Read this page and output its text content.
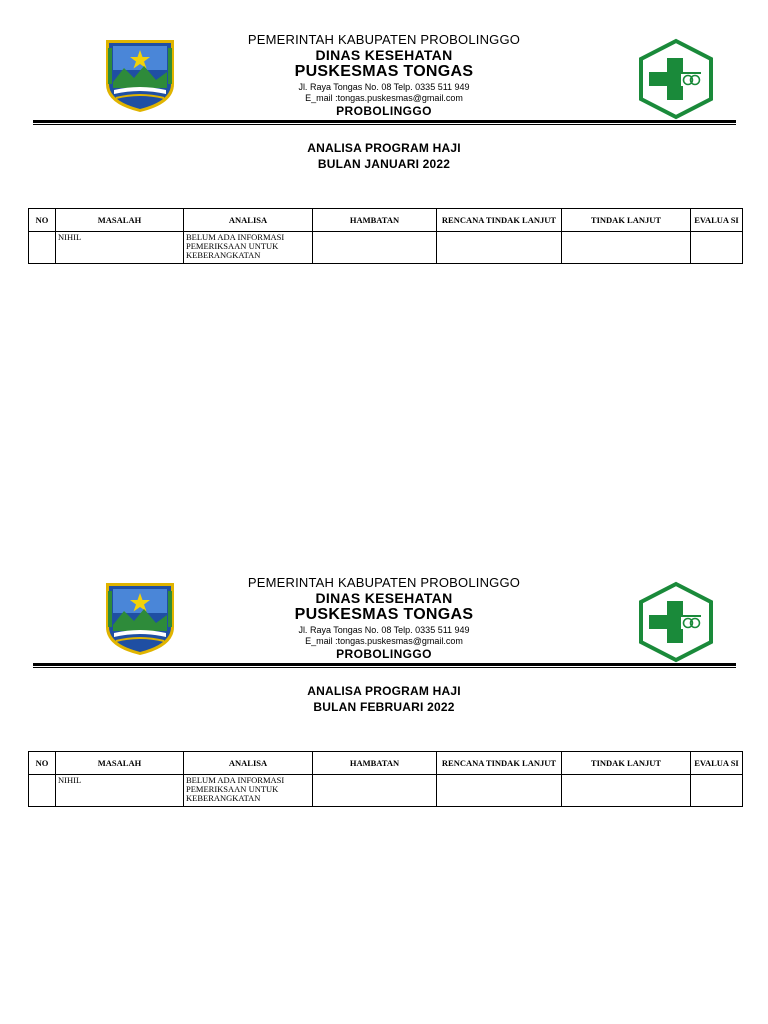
PEMERINTAH KABUPATEN PROBOLINGGO
DINAS KESEHATAN
PUSKESMAS TONGAS
Jl. Raya Tongas No. 08 Telp. 0335 511 949
E_mail :tongas.puskesmas@gmail.com
PROBOLINGGO
ANALISA PROGRAM HAJI
BULAN JANUARI 2022
NO	MASALAH	ANALISA	HAMBATAN	RENCANA TINDAK LANJUT	TINDAK LANJUT	EVALUA SI
	NIHIL	BELUM ADA INFORMASI PEMERIKSAAN UNTUK KEBERANGKATAN				
PEMERINTAH KABUPATEN PROBOLINGGO
DINAS KESEHATAN
PUSKESMAS TONGAS
Jl. Raya Tongas No. 08 Telp. 0335 511 949
E_mail :tongas.puskesmas@gmail.com
PROBOLINGGO
ANALISA PROGRAM HAJI
BULAN FEBRUARI 2022
NO	MASALAH	ANALISA	HAMBATAN	RENCANA TINDAK LANJUT	TINDAK LANJUT	EVALUA SI
	NIHIL	BELUM ADA INFORMASI PEMERIKSAAN UNTUK KEBERANGKATAN				
